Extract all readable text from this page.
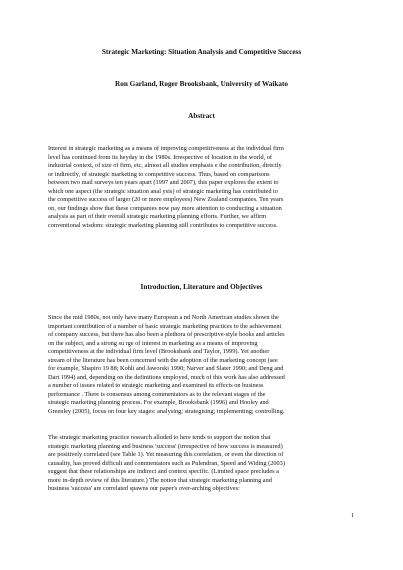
Strategic Marketing: Situation Analysis and Competitive Success
Ron Garland, Roger Brooksbank, University of Waikato
Abstract
Interest in strategic marketing as a means of improving competitiveness at the individual firm
level has continued from its heyday in the 1980s. Irrespective of location in the world, of
industrial context, of size of firm, etc, almost all studies emphasis e the contribution, directly
or indirectly, of strategic marketing to competitive success. Thus, based on comparisons
between two mail surveys ten years apart (1997 and 2007), this paper explores the extent to
which one aspect (the strategic situation anal ysis) of strategic marketing has contributed to
the competitive success of larger (20 or more employees) New Zealand companies. Ten years
on, our findings show that these companies now pay more attention to conducting a situation
analysis as part of their overall strategic marketing planning efforts. Further, we affirm
conventional wisdom: strategic marketing planning still contributes to competitive success.
Introduction, Literature and Objectives
Since the mid 1980s, not only have many European a nd North American studies shown the
important contribution of a number of basic strategic marketing practices to the achievement
of company success, but there has also been a plethora of prescriptive-style books and articles
on the subject, and a strong su rge of interest in marketing as a means of improving
competitiveness at the individual firm level (Brooksbank and Taylor, 1999). Yet another
stream of the literature has been concerned with the adoption of the marketing concept (see
for example, Shapiro 19 88; Kohli and Jaworski 1990; Narver and Slater 1990; and Deng and
Dart 1994) and, depending on the definitions employed, much of this work has also addressed
a number of issues related to strategic marketing and examined its effects on business
performance . There is consensus among commentators as to the relevant stages of the
strategic marketing planning process. For example, Brooksbank (1996) and Hooley and
Greenley (2005), focus on four key stages: analysing; strategising; implementing; controlling.
The strategic marketing practice research alluded to here tends to support the notion that
strategic marketing planning and business 'success' (irrespective of how success is measured)
are positively correlated (see Table 1). Yet measuring this correlation, or even the direction of
causality, has proved difficult and commentators such as Pulendran, Speed and Widing (2003)
suggest that these relationships are indirect and context specific. (Limited space precludes a
more in-depth review of this literature.) The notion that strategic marketing planning and
business 'success' are correlated spawns our paper's over-arching objectives:
1
